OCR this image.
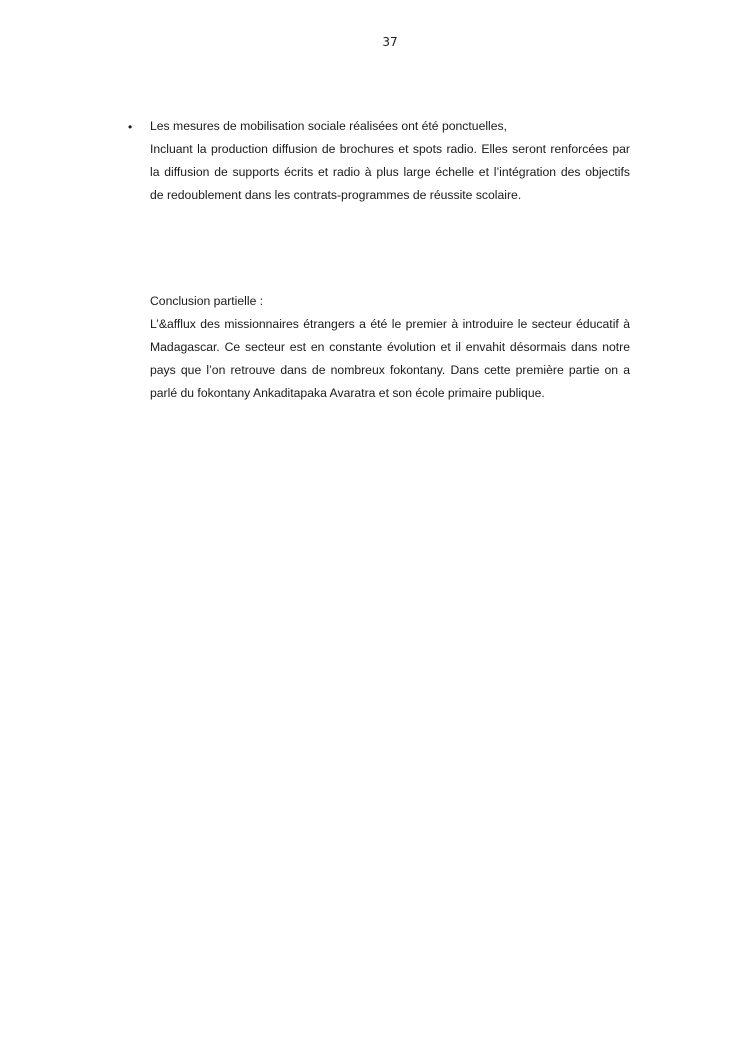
37
• Les mesures de mobilisation sociale réalisées ont été ponctuelles,
Incluant la production diffusion de brochures et spots radio. Elles seront renforcées par
la diffusion de supports écrits et radio à plus large échelle et l’intégration des objectifs
de redoublement dans les contrats-programmes de réussite scolaire.
Conclusion partielle :
L’&afflux des missionnaires étrangers a été le premier à introduire le secteur éducatif à
Madagascar. Ce secteur est en constante évolution et il envahit désormais dans notre
pays que l’on retrouve dans de nombreux fokontany. Dans cette première partie on a
parlé du fokontany Ankaditapaka Avaratra et son école primaire publique.
